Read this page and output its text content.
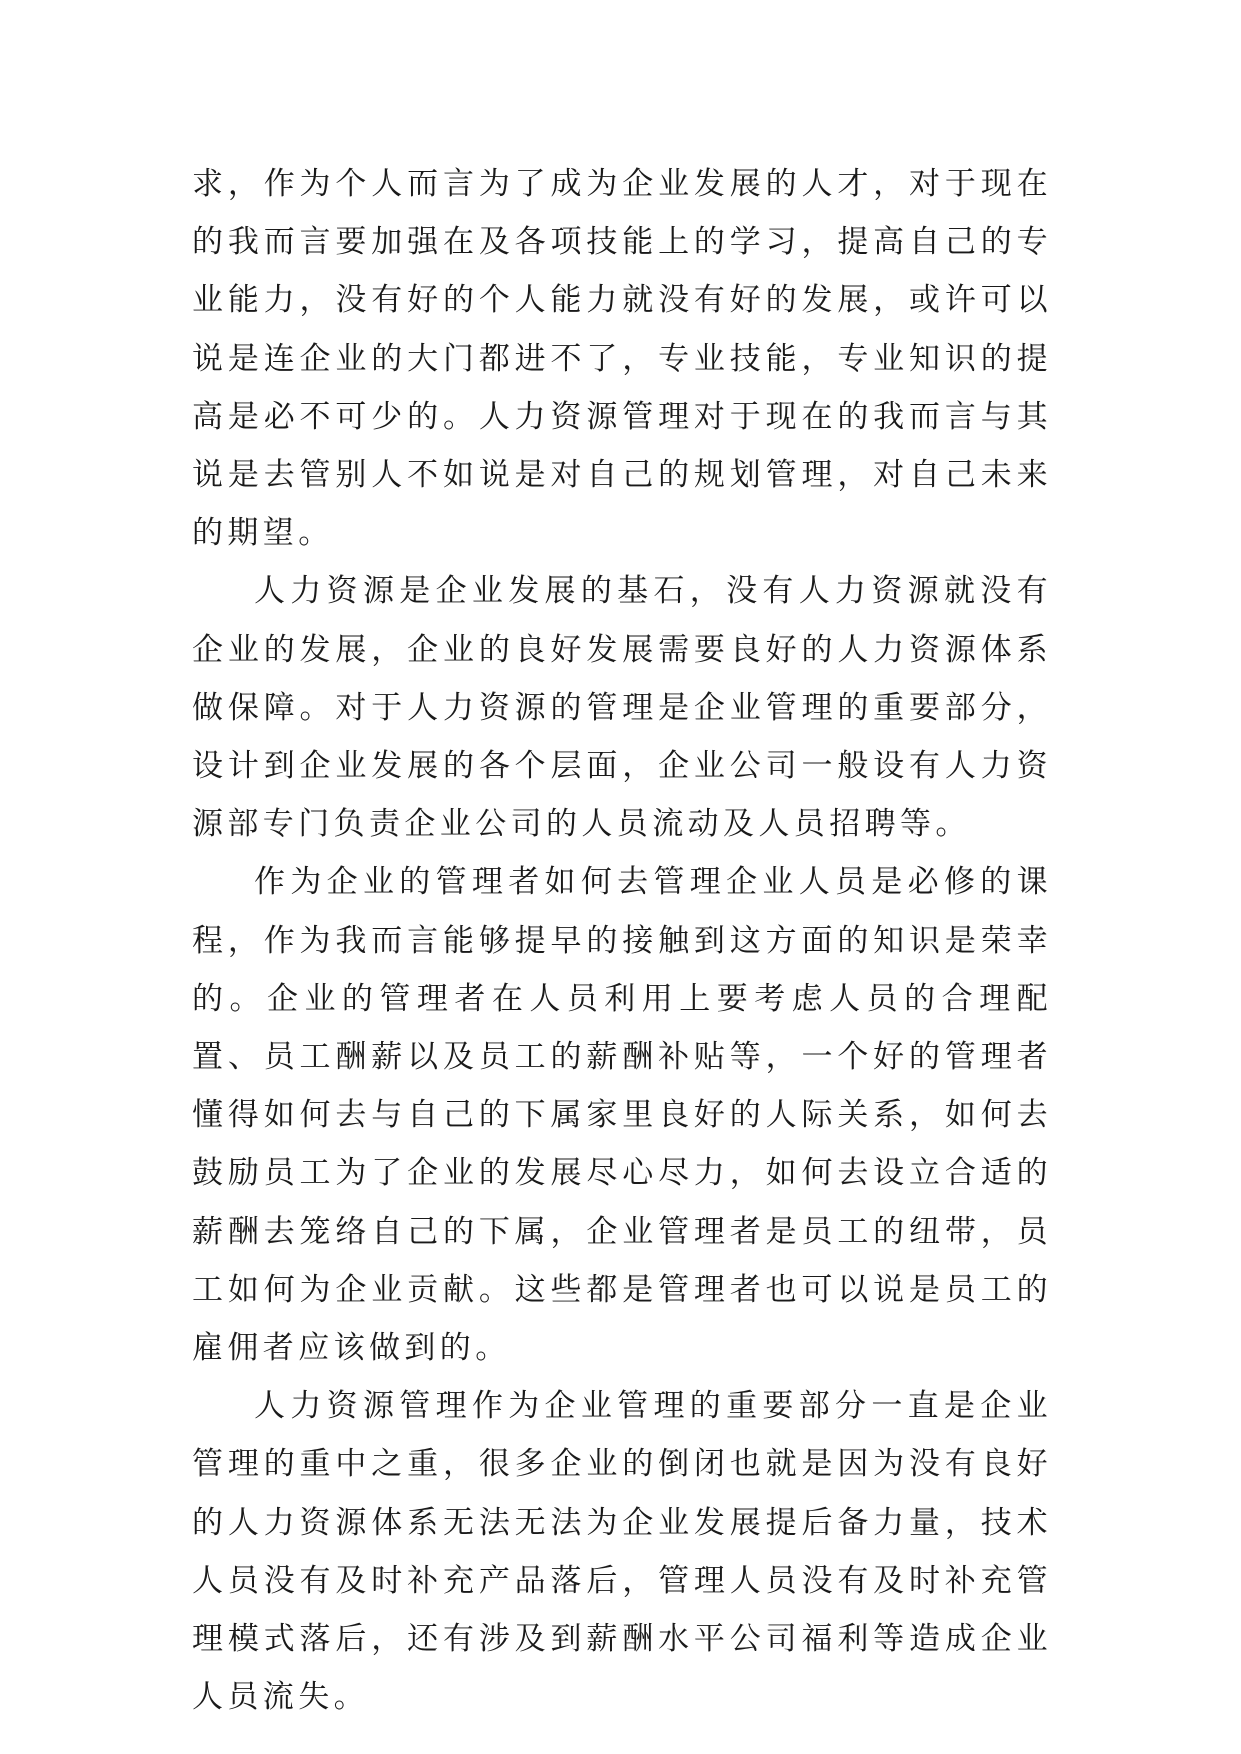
求，作为个人而言为了成为企业发展的人才，对于现在的我而言要加强在及各项技能上的学习，提高自己的专业能力，没有好的个人能力就没有好的发展，或许可以说是连企业的大门都进不了，专业技能，专业知识的提高是必不可少的。人力资源管理对于现在的我而言与其说是去管别人不如说是对自己的规划管理，对自己未来的期望。

人力资源是企业发展的基石，没有人力资源就没有企业的发展，企业的良好发展需要良好的人力资源体系做保障。对于人力资源的管理是企业管理的重要部分，设计到企业发展的各个层面，企业公司一般设有人力资源部专门负责企业公司的人员流动及人员招聘等。

作为企业的管理者如何去管理企业人员是必修的课程，作为我而言能够提早的接触到这方面的知识是荣幸的。企业的管理者在人员利用上要考虑人员的合理配置、员工酬薪以及员工的薪酬补贴等，一个好的管理者懂得如何去与自己的下属家里良好的人际关系，如何去鼓励员工为了企业的发展尽心尽力，如何去设立合适的薪酬去笼络自己的下属，企业管理者是员工的纽带，员工如何为企业贡献。这些都是管理者也可以说是员工的雇佣者应该做到的。

人力资源管理作为企业管理的重要部分一直是企业管理的重中之重，很多企业的倒闭也就是因为没有良好的人力资源体系无法无法为企业发展提后备力量，技术人员没有及时补充产品落后，管理人员没有及时补充管理模式落后，还有涉及到薪酬水平公司福利等造成企业人员流失。
